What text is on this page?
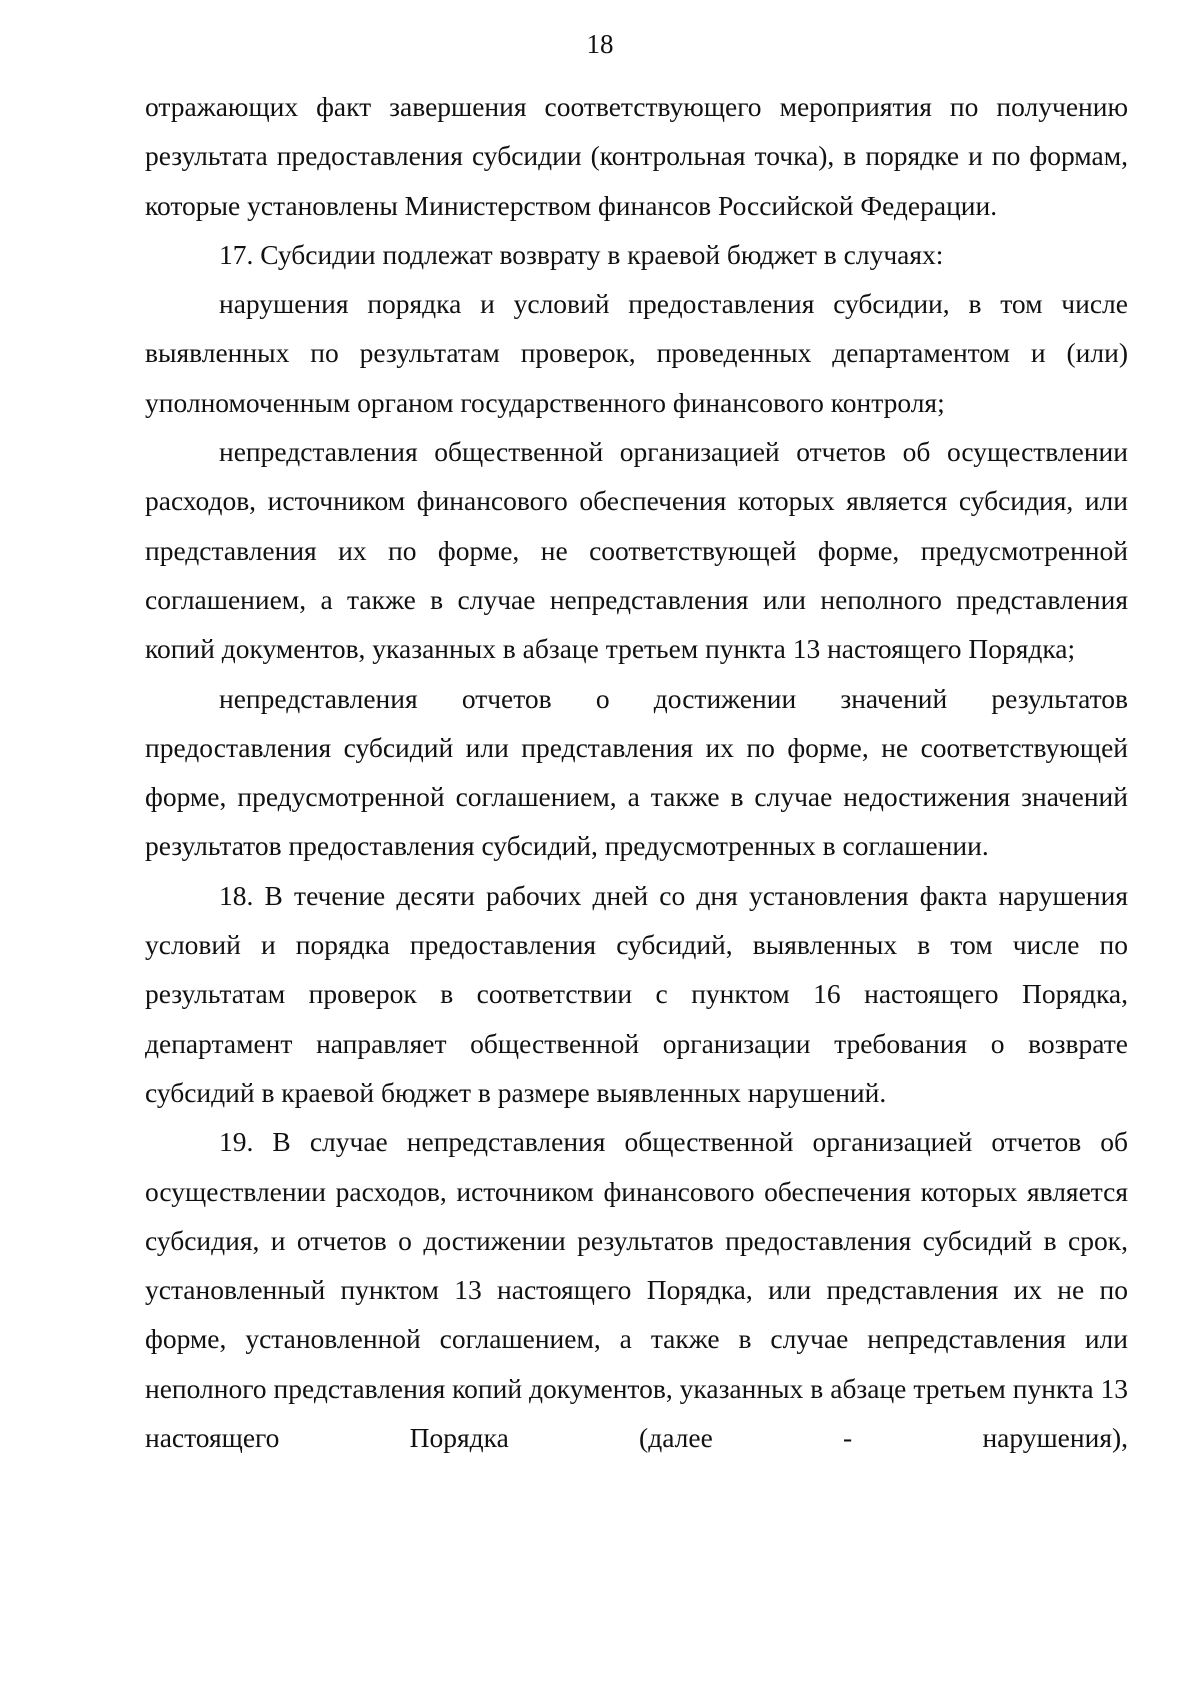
18

отражающих факт завершения соответствующего мероприятия по получению результата предоставления субсидии (контрольная точка), в порядке и по формам, которые установлены Министерством финансов Российской Федерации.

17. Субсидии подлежат возврату в краевой бюджет в случаях:

нарушения порядка и условий предоставления субсидии, в том числе выявленных по результатам проверок, проведенных департаментом и (или) уполномоченным органом государственного финансового контроля;

непредставления общественной организацией отчетов об осуществлении расходов, источником финансового обеспечения которых является субсидия, или представления их по форме, не соответствующей форме, предусмотренной соглашением, а также в случае непредставления или неполного представления копий документов, указанных в абзаце третьем пункта 13 настоящего Порядка;

непредставления отчетов о достижении значений результатов предоставления субсидий или представления их по форме, не соответствующей форме, предусмотренной соглашением, а также в случае недостижения значений результатов предоставления субсидий, предусмотренных в соглашении.

18. В течение десяти рабочих дней со дня установления факта нарушения условий и порядка предоставления субсидий, выявленных в том числе по результатам проверок в соответствии с пунктом 16 настоящего Порядка, департамент направляет общественной организации требования о возврате субсидий в краевой бюджет в размере выявленных нарушений.

19. В случае непредставления общественной организацией отчетов об осуществлении расходов, источником финансового обеспечения которых является субсидия, и отчетов о достижении результатов предоставления субсидий в срок, установленный пунктом 13 настоящего Порядка, или представления их не по форме, установленной соглашением, а также в случае непредставления или неполного представления копий документов, указанных в абзаце третьем пункта 13 настоящего Порядка (далее - нарушения),
